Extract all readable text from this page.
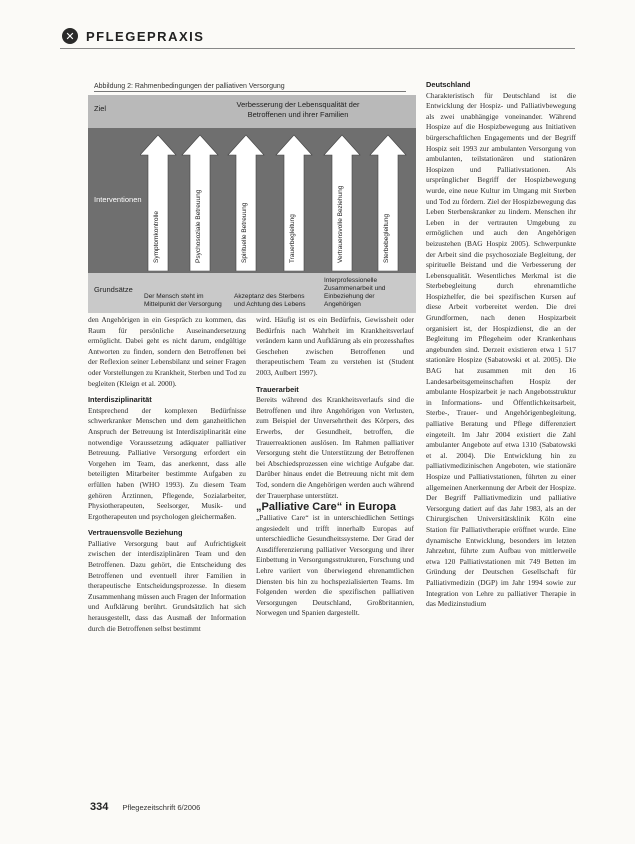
✕ PFLEGEPRAXIS
Abbildung 2: Rahmenbedingungen der palliativen Versorgung
Ziel
Interventionen
Grundsätze
Verbesserung der Lebensqualität der Betroffenen und ihrer Familien
Symptomkontrolle	Psychosoziale Betreuung	Spirituelle Betreuung	Trauerbegleitung	Vertrauensvolle Beziehung	Sterbebegleitung
Der Mensch steht im Mittelpunkt der Versorgung
Akzeptanz des Sterbens und Achtung des Lebens
Interprofessionelle Zusammenarbeit und Einbeziehung der Angehörigen

den Angehörigen in ein Gespräch zu kommen, das Raum für persönliche Auseinandersetzung ermöglicht. Dabei geht es nicht darum, endgültige Antworten zu finden, sondern den Betroffenen bei der Reflexion seiner Lebensbilanz und seiner Fragen oder Vorstellungen zu Krankheit, Sterben und Tod zu begleiten (Kleign et al. 2000).

Interdisziplinarität

Entsprechend der komplexen Bedürfnisse schwerkranker Menschen und dem ganzheitlichen Anspruch der Betreuung ist Interdisziplinarität eine notwendige Voraussetzung adäquater palliativer Betreuung. Palliative Versorgung erfordert ein Vorgehen im Team, das anerkennt, dass alle beteiligten Mitarbeiter bestimmte Aufgaben zu erfüllen haben (WHO 1993). Zu diesem Team gehören Ärztinnen, Pflegende, Sozialarbeiter, Physiotherapeuten, Seelsorger, Musik- und Ergotherapeuten und psychologen gleichermaßen.

Vertrauensvolle Beziehung

Palliative Versorgung baut auf Aufrichtigkeit zwischen der interdisziplinären Team und den Betroffenen. Dazu gehört, die Entscheidung des Betroffenen und eventuell ihrer Familien in therapeutische Entscheidungsprozesse. In diesem Zusammenhang müssen auch Fragen der Information und Aufklärung berührt. Grundsätzlich hat sich herausgestellt, dass das Ausmaß der Information durch die Betroffenen selbst bestimmt

wird. Häufig ist es ein Bedürfnis, Gewissheit oder Bedürfnis nach Wahrheit im Krankheitsverlauf verändern kann und Aufklärung als ein prozesshaftes Geschehen zwischen Betroffenen und therapeutischem Team zu verstehen ist (Student 2003, Aulbert 1997).

Trauerarbeit

Bereits während des Krankheitsverlaufs sind die Betroffenen und ihre Angehörigen von Verlusten, zum Beispiel der Unversehrtheit des Körpers, des Erwerbs, der Gesundheit, betroffen, die Trauerreaktionen auslösen. Im Rahmen palliativer Versorgung steht die Unterstützung der Betroffenen bei Abschiedsprozessen eine wichtige Aufgabe dar. Darüber hinaus endet die Betreuung nicht mit dem Tod, sondern die Angehörigen werden auch während der Trauerphase unterstützt.

„Palliative Care“ in Europa

„Palliative Care“ ist in unterschiedlichen Settings angesiedelt und trifft innerhalb Europas auf unterschiedliche Gesundheitssysteme. Der Grad der Ausdifferenzierung palliativer Versorgung und ihrer Einbettung in Versorgungsstrukturen, Forschung und Lehre variiert von überwiegend ehrenamtlichen Diensten bis hin zu hochspezialisierten Teams. Im Folgenden werden die spezifischen palliativen Versorgungen Deutschland, Großbritannien, Norwegen und Spanien dargestellt.

Deutschland

Charakteristisch für Deutschland ist die Entwicklung der Hospiz- und Palliativbewegung als zwei unabhängige voneinander. Während Hospize auf die Hospizbewegung aus Initiativen bürgerschaftlichen Engagements und der Begriff Hospiz seit 1993 zur ambulanten Versorgung von ambulanten, teilstationären und stationären Hospizen und Palliativstationen. Als ursprünglicher Begriff der Hospizbewegung wurde, eine neue Kultur im Umgang mit Sterben und Tod zu fördern. Ziel der Hospizbewegung das Leben Sterbenskranker zu lindern. Menschen ihr Leben in der vertrauten Umgebung zu ermöglichen und auch den Angehörigen beizustehen (BAG Hospiz 2005). Schwerpunkte der Arbeit sind die psychosoziale Begleitung, der spirituelle Beistand und die Verbesserung der Lebensqualität. Wesentliches Merkmal ist die Sterbebegleitung durch ehrenamtliche Hospizhelfer, die bei spezifischen Kursen auf diese Arbeit vorbereitet werden. Die drei Grundformen, nach denen Hospizarbeit organisiert ist, der Hospizdienst, die an der Begleitung im Pflegeheim oder Krankenhaus angebunden sind. Derzeit existieren etwa 1 517 stationäre Hospize (Sabatowski et al. 2005). Die BAG hat zusammen mit den 16 Landesarbeitsgemeinschaften Hospiz der ambulante Hospizarbeit je nach Angebotsstruktur in Informations- und Öffentlichkeitsarbeit, Sterbe-, Trauer- und Angehörigenbegleitung, palliative Beratung und Pflege differenziert eingeteilt. Im Jahr 2004 existiert die Zahl ambulanter Angebote auf etwa 1310 (Sabatowski et al. 2004). Die Entwicklung hin zu palliativmedizinischen Angeboten, wie stationäre Hospize und Palliativstationen, führten zu einer allgemeinen Anerkennung der Arbeit der Hospize. Der Begriff Palliativmedizin und palliative Versorgung datiert auf das Jahr 1983, als an der Chirurgischen Universitätsklinik Köln eine Station für Palliativtherapie eröffnet wurde. Eine dynamische Entwicklung, besonders im letzten Jahrzehnt, führte zum Aufbau von mittlerweile etwa 120 Palliativstationen mit 749 Betten im Gründung der Deutschen Gesellschaft für Palliativmedizin (DGP) im Jahr 1994 sowie zur Integration von Lehre zu palliativer Therapie in das Medizinstudium

334 Pflegezeitschrift 6/2006
